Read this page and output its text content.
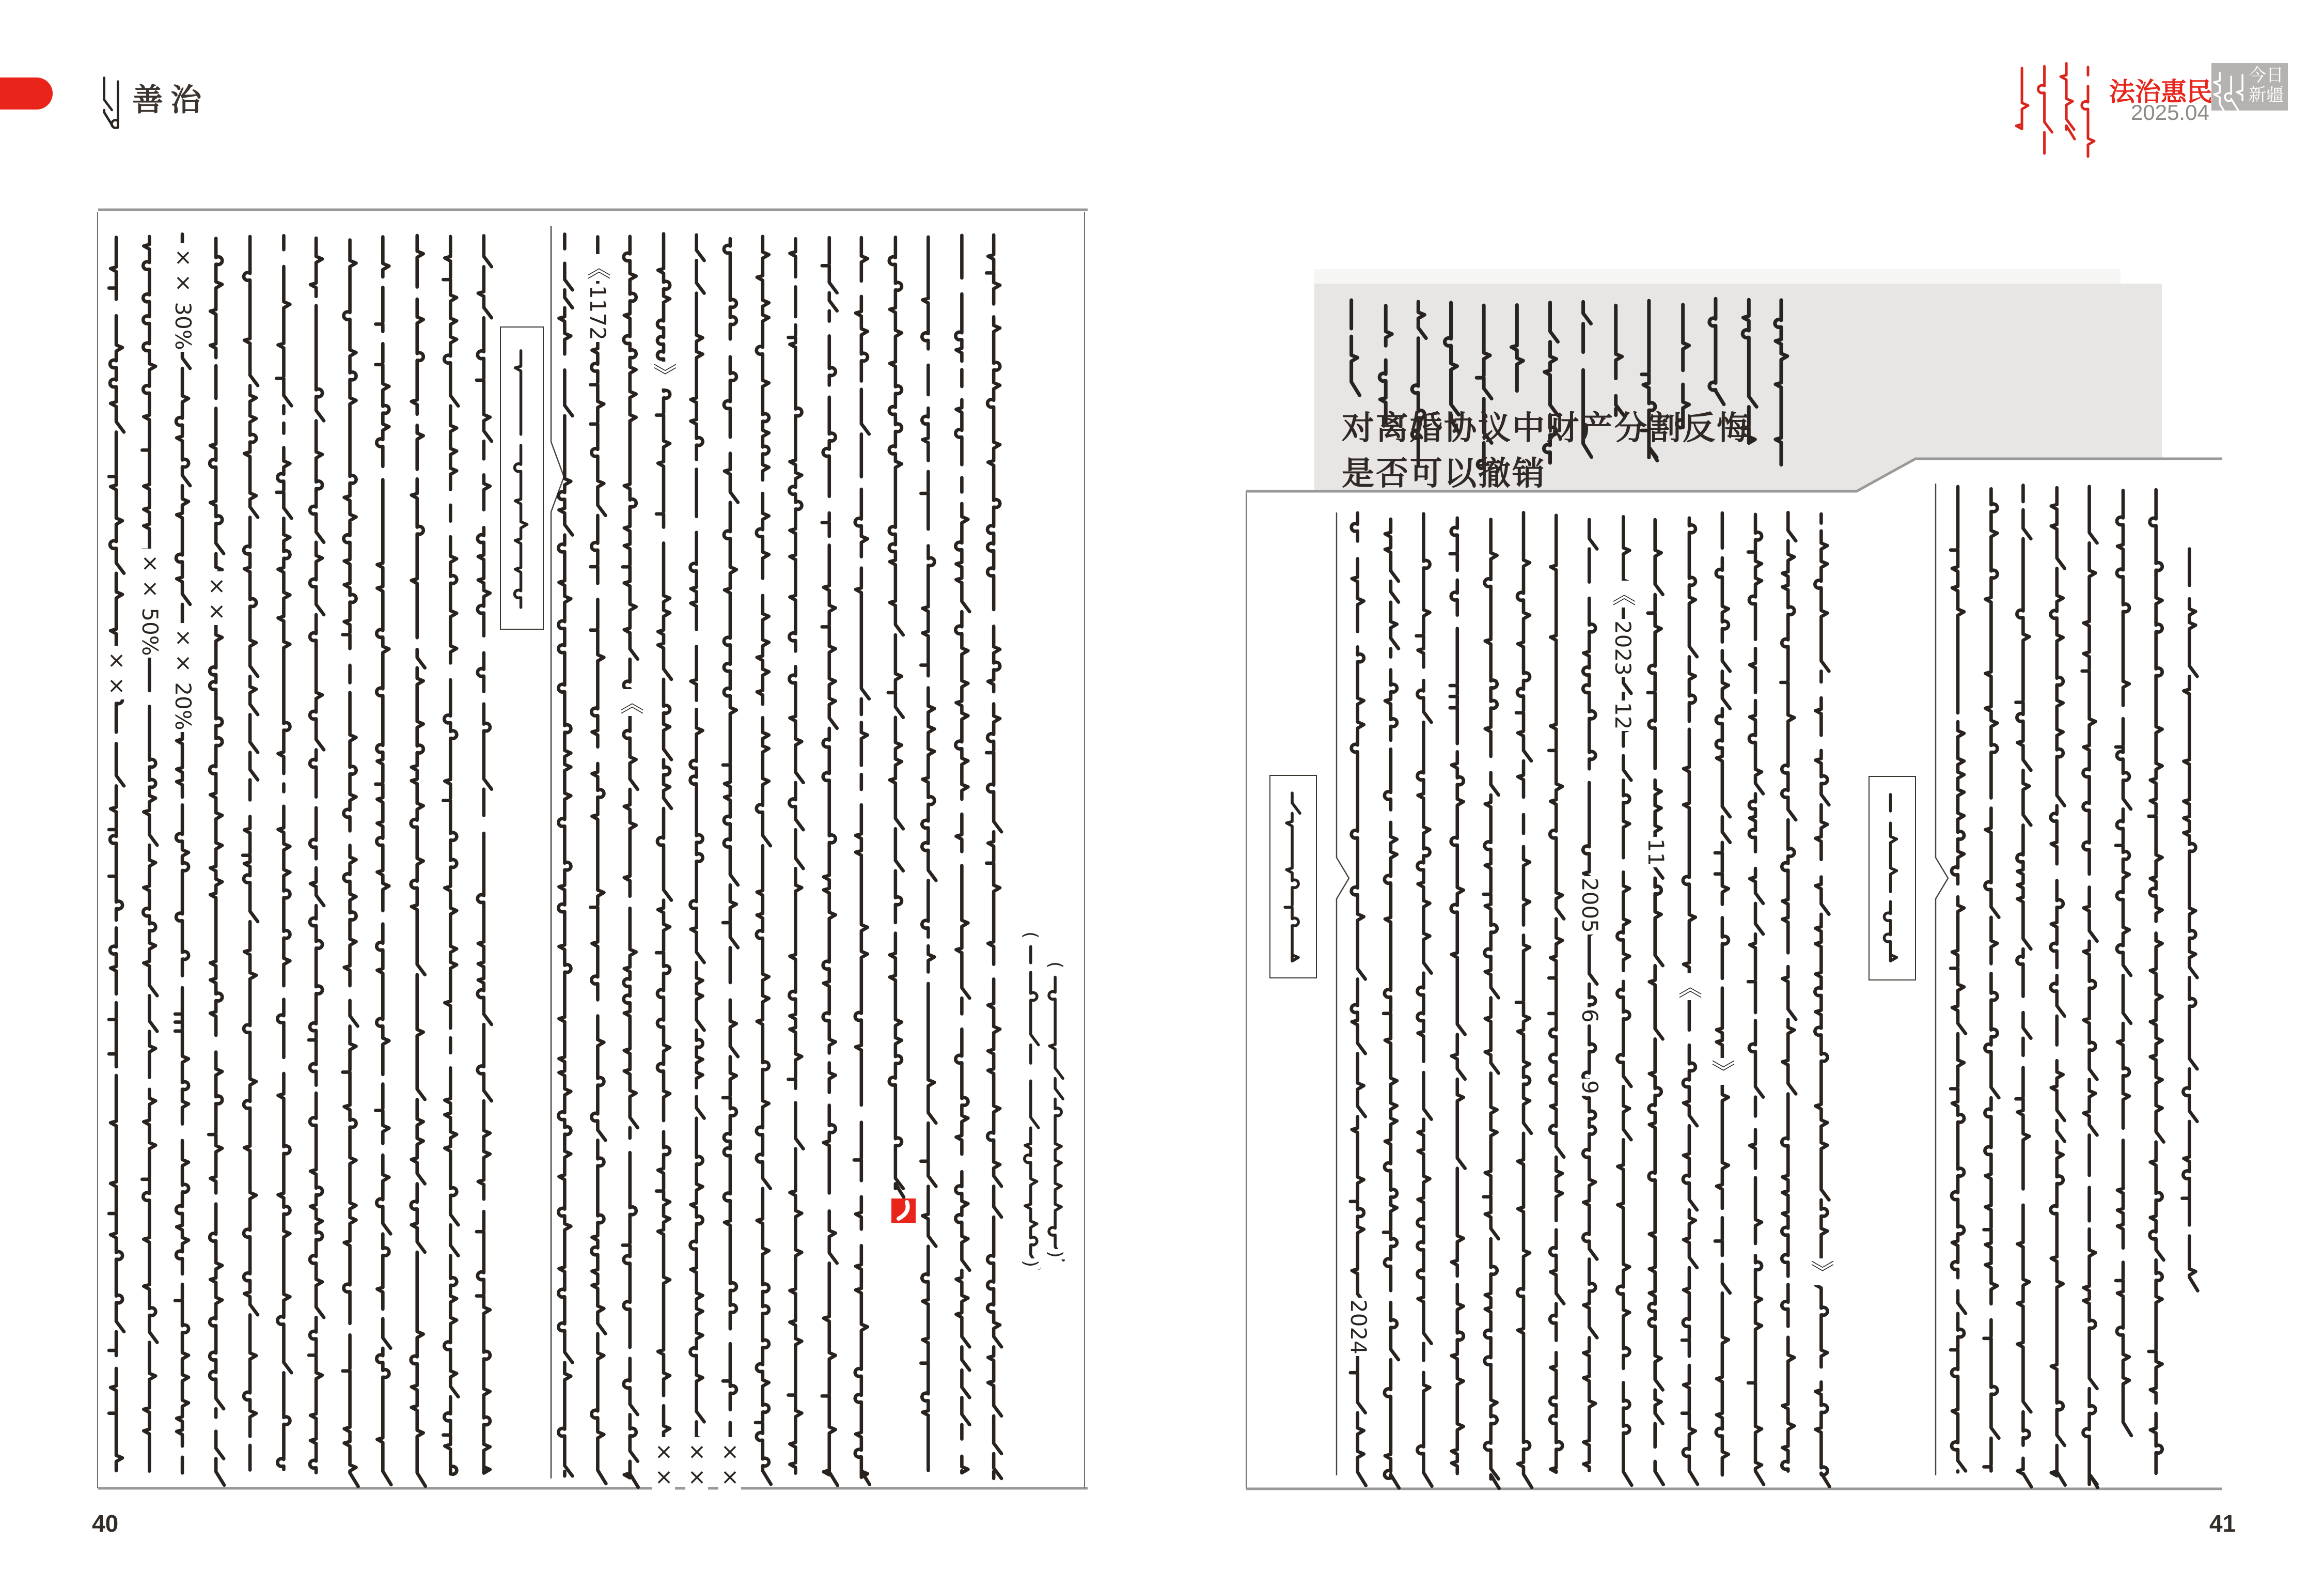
善治	法治惠民
2025.04
今日
新疆
对离婚协议中财产分割反悔
是否可以撤销
40	41
××
×× 50%
×× 30%
×× 20%
××
《
1172
《
》
×× ×× ××
(
)
(
)
2024
2005
6
9
《
2023
12
11
《
》
》
